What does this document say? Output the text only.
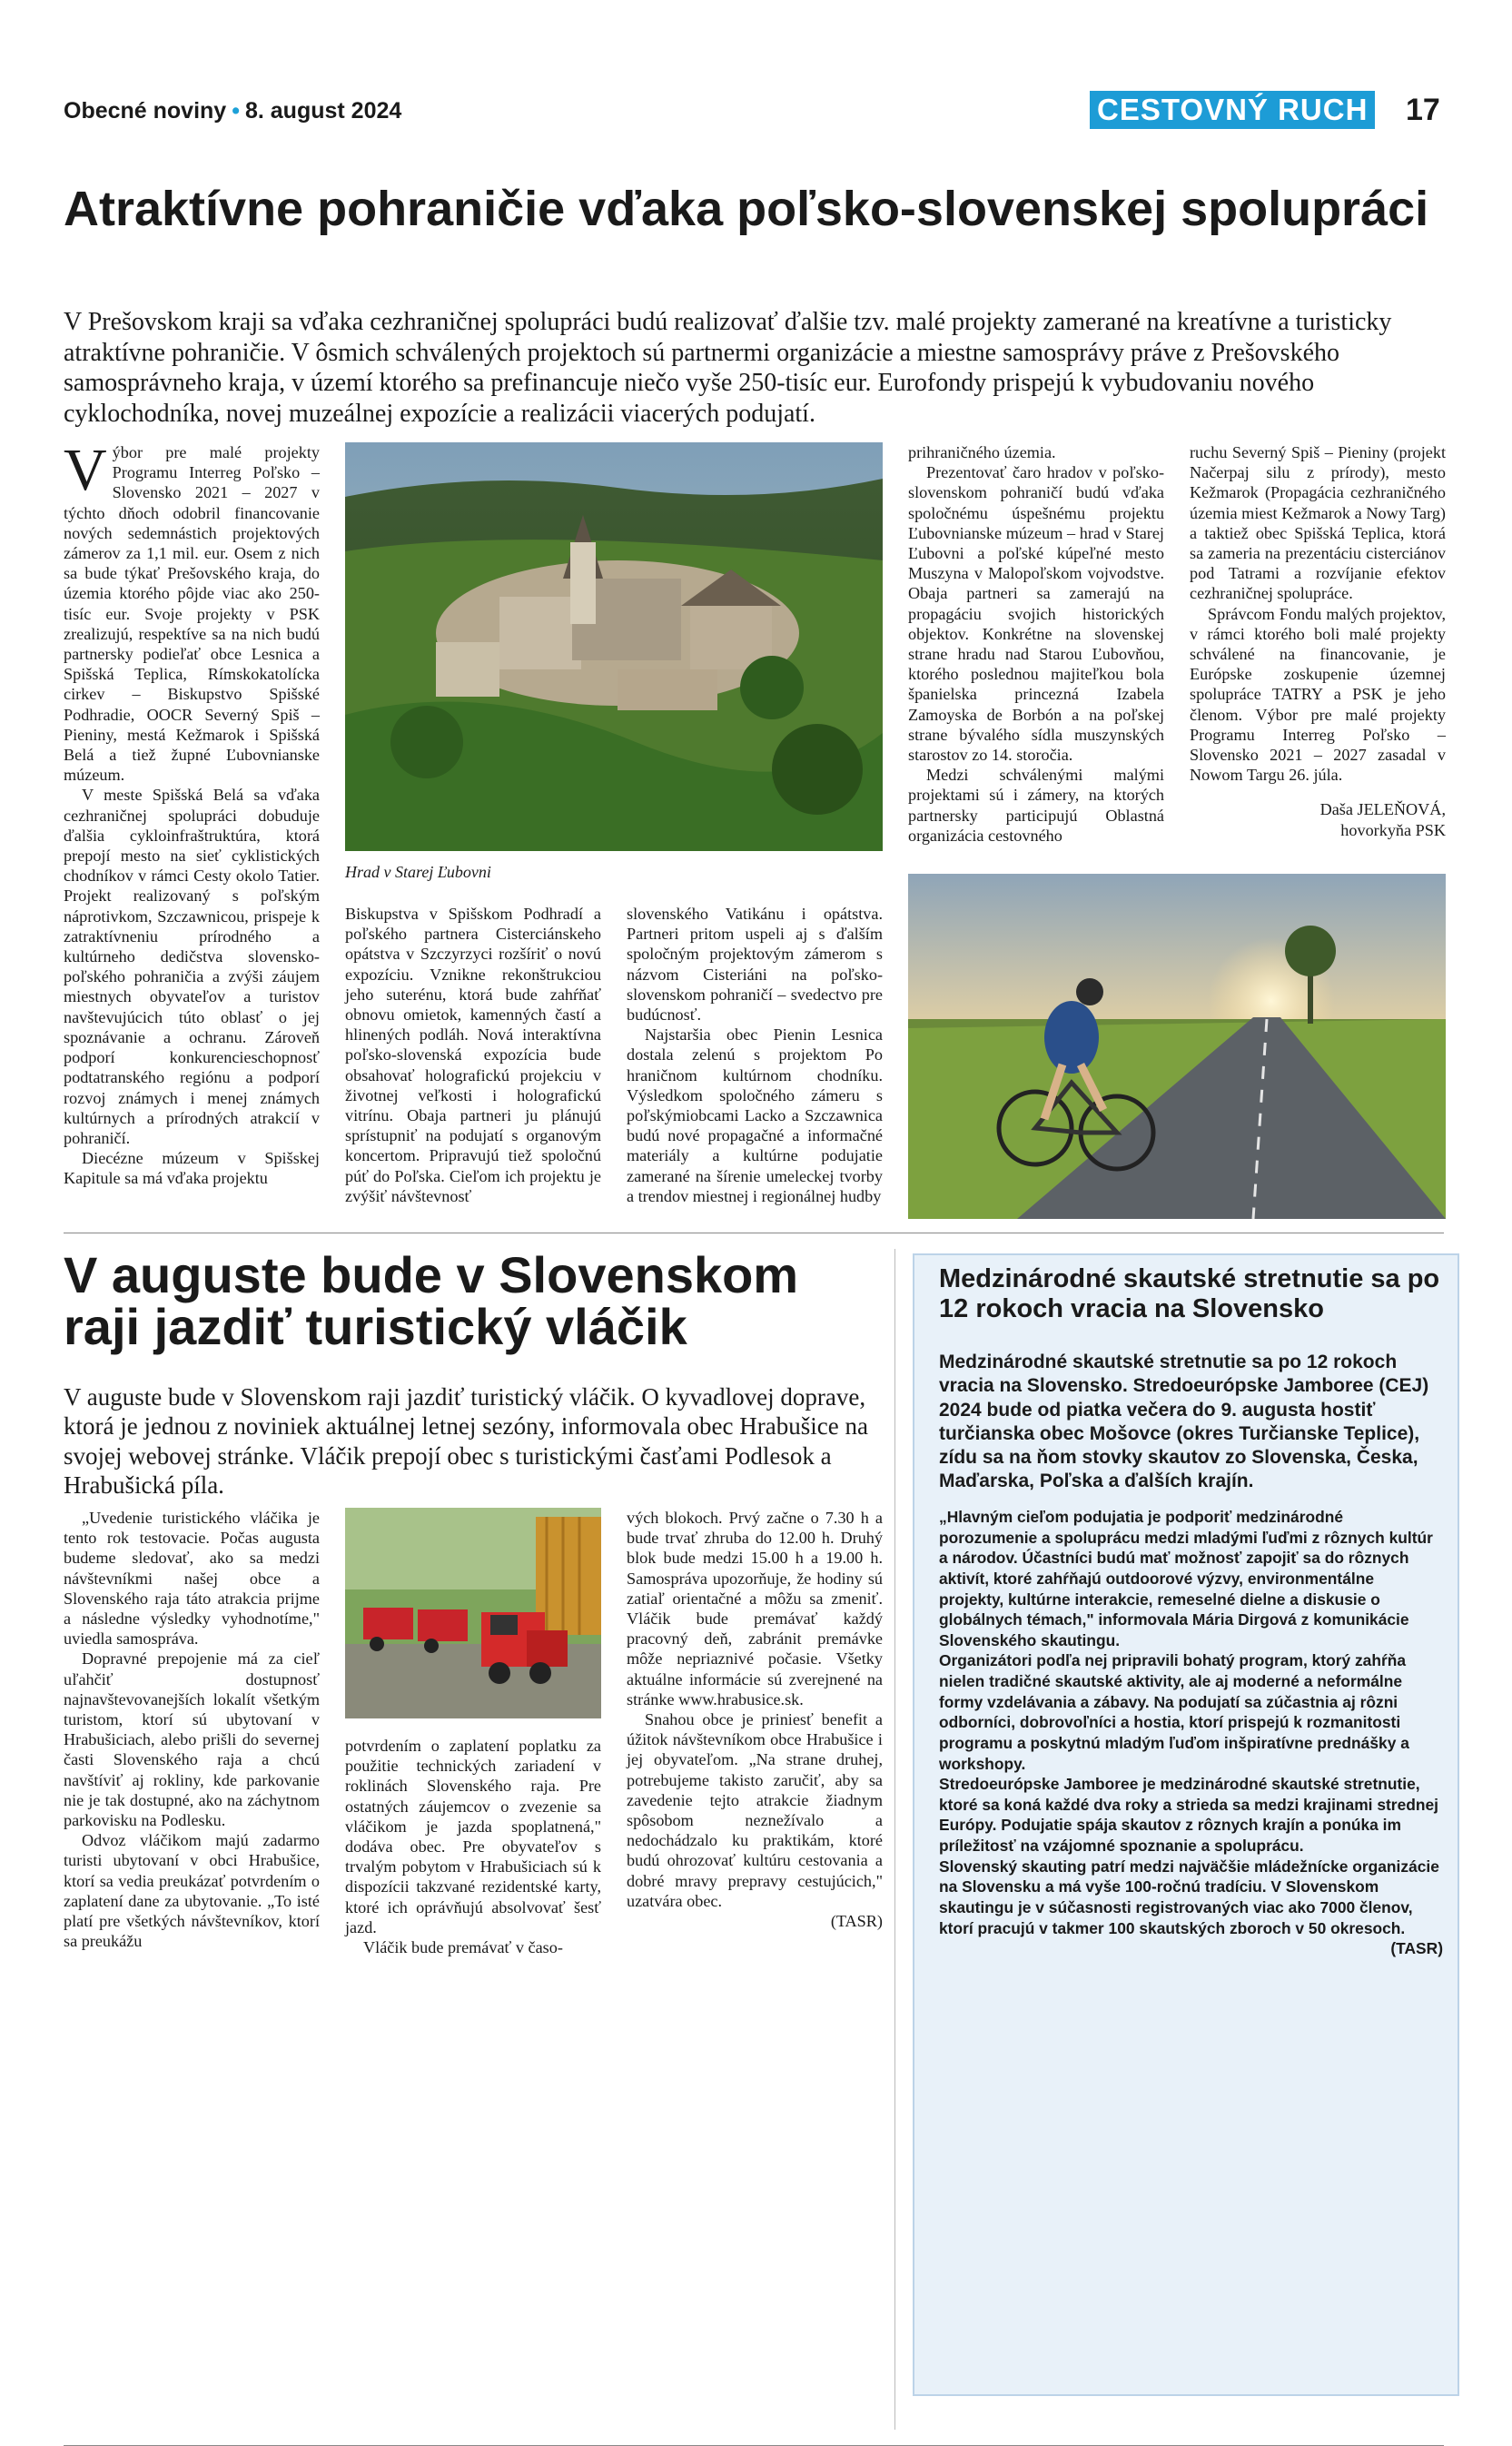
Obecné noviny • 8. august 2024	CESTOVNÝ RUCH 17
Atraktívne pohraničie vďaka poľsko-slovenskej spolupráci
V Prešovskom kraji sa vďaka cezhraničnej spolupráci budú realizovať ďalšie tzv. malé projekty zamerané na kreatívne a turisticky atraktívne pohraničie. V ôsmich schválených projektoch sú partnermi organizácie a miestne samosprávy práve z Prešovského samosprávneho kraja, v území ktorého sa prefinancuje niečo vyše 250-tisíc eur. Eurofondy prispejú k vybudovaniu nového cyklochodníka, novej muzeálnej expozície a realizácii viacerých podujatí.

Výbor pre malé projekty Programu Interreg Poľsko – Slovensko 2021 – 2027 v týchto dňoch odobril financovanie nových sedemnástich projektových zámerov za 1,1 mil. eur. Osem z nich sa bude týkať Prešovského kraja, do územia ktorého pôjde viac ako 250-tisíc eur. Svoje projekty v PSK zrealizujú, respektíve sa na nich budú partnersky podieľať obce Lesnica a Spišská Teplica, Rímskokatolícka cirkev – Biskupstvo Spišské Podhradie, OOCR Severný Spiš – Pieniny, mestá Kežmarok i Spišská Belá a tiež župné Ľubovnianske múzeum.

V meste Spišská Belá sa vďaka cezhraničnej spolupráci dobuduje ďalšia cykloinfraštruktúra, ktorá prepojí mesto na sieť cyklistických chodníkov v rámci Cesty okolo Tatier. Projekt realizovaný s poľským náprotivkom, Szczawnicou, prispeje k zatraktívneniu prírodného a kultúrneho dedičstva slovensko-poľského pohraničia a zvýši záujem miestnych obyvateľov a turistov navštevujúcich túto oblasť o jej spoznávanie a ochranu. Zároveň podporí konkurencieschopnosť podtatranského regiónu a podporí rozvoj známych i menej známych kultúrnych a prírodných atrakcií v pohraničí.

Diecézne múzeum v Spišskej Kapitule sa má vďaka projektu

Hrad v Starej Ľubovni

Biskupstva v Spišskom Podhradí a poľského partnera Cisterciánskeho opátstva v Szczyrzyci rozšíriť o novú expozíciu. Vznikne rekonštrukciou jeho suterénu, ktorá bude zahŕňať obnovu omietok, kamenných častí a hlinených podláh. Nová interaktívna poľsko-slovenská expozícia bude obsahovať holografickú projekciu v životnej veľkosti i holografickú vitrínu. Obaja partneri ju plánujú sprístupniť na podujatí s organovým koncertom. Pripravujú tiež spoločnú púť do Poľska. Cieľom ich projektu je zvýšiť návštevnosť

slovenského Vatikánu i opátstva. Partneri pritom uspeli aj s ďalším spoločným projektovým zámerom s názvom Cisteriáni na poľsko-slovenskom pohraničí – svedectvo pre budúcnosť.

Najstaršia obec Pienin Lesnica dostala zelenú s projektom Po hraničnom kultúrnom chodníku. Výsledkom spoločného zámeru s poľskýmiobcami Lacko a Szczawnica budú nové propagačné a informačné materiály a kultúrne podujatie zamerané na šírenie umeleckej tvorby a trendov miestnej i regionálnej hudby

prihraničného územia.

Prezentovať čaro hradov v poľsko-slovenskom pohraničí budú vďaka spoločnému úspešnému projektu Ľubovnianske múzeum – hrad v Starej Ľubovni a poľské kúpeľné mesto Muszyna v Malopoľskom vojvodstve. Obaja partneri sa zamerajú na propagáciu svojich historických objektov. Konkrétne na slovenskej strane hradu nad Starou Ľubovňou, ktorého poslednou majiteľkou bola španielska princezná Izabela Zamoyska de Borbón a na poľskej strane bývalého sídla muszynských starostov zo 14. storočia.

Medzi schválenými malými projektami sú i zámery, na ktorých partnersky participujú Oblastná organizácia cestovného

ruchu Severný Spiš – Pieniny (projekt Načerpaj silu z prírody), mesto Kežmarok (Propagácia cezhraničného územia miest Kežmarok a Nowy Targ) a taktiež obec Spišská Teplica, ktorá sa zameria na prezentáciu cisterciánov pod Tatrami a rozvíjanie efektov cezhraničnej spolupráce.

Správcom Fondu malých projektov, v rámci ktorého boli malé projekty schválené na financovanie, je Európske zoskupenie územnej spolupráce TATRY a PSK je jeho členom. Výbor pre malé projekty Programu Interreg Poľsko – Slovensko 2021 – 2027 zasadal v Nowom Targu 26. júla.

Daša JELEŇOVÁ,

hovorkyňa PSK

V auguste bude v Slovenskom raji jazdiť turistický vláčik
V auguste bude v Slovenskom raji jazdiť turistický vláčik. O kyvadlovej doprave, ktorá je jednou z noviniek aktuálnej letnej sezóny, informovala obec Hrabušice na svojej webovej stránke. Vláčik prepojí obec s turistickými časťami Podlesok a Hrabušická píla.

„Uvedenie turistického vláčika je tento rok testovacie. Počas augusta budeme sledovať, ako sa medzi návštevníkmi našej obce a Slovenského raja táto atrakcia prijme a následne výsledky vyhodnotíme," uviedla samospráva.

Dopravné prepojenie má za cieľ uľahčiť dostupnosť najnavštevovanejších lokalít všetkým turistom, ktorí sú ubytovaní v Hrabušiciach, alebo prišli do severnej časti Slovenského raja a chcú navštíviť aj rokliny, kde parkovanie nie je tak dostupné, ako na záchytnom parkovisku na Podlesku.

Odvoz vláčikom majú zadarmo turisti ubytovaní v obci Hrabušice, ktorí sa vedia preukázať potvrdením o zaplatení dane za ubytovanie. „To isté platí pre všetkých návštevníkov, ktorí sa preukážu

potvrdením o zaplatení poplatku za použitie technických zariadení v roklinách Slovenského raja. Pre ostatných záujemcov o zvezenie sa vláčikom je jazda spoplatnená," dodáva obec. Pre obyvateľov s trvalým pobytom v Hrabušiciach sú k dispozícii takzvané rezidentské karty, ktoré ich oprávňujú absolvovať šesť jazd.

Vláčik bude premávať v časo-

vých blokoch. Prvý začne o 7.30 h a bude trvať zhruba do 12.00 h. Druhý blok bude medzi 15.00 h a 19.00 h. Samospráva upozorňuje, že hodiny sú zatiaľ orientačné a môžu sa zmeniť. Vláčik bude premávať každý pracovný deň, zabránit premávke môže nepriaznivé počasie. Všetky aktuálne informácie sú zverejnené na stránke www.hrabusice.sk.

Snahou obce je priniesť benefit a úžitok návštevníkom obce Hrabušice i jej obyvateľom. „Na strane druhej, potrebujeme takisto zaručiť, aby sa zavedenie tejto atrakcie žiadnym spôsobom neznežívalo a nedochádzalo ku praktikám, ktoré budú ohrozovať kultúru cestovania a dobré mravy prepravy cestujúcich," uzatvára obec.

(TASR)

Medzinárodné skautské stretnutie sa po 12 rokoch vracia na Slovensko
Medzinárodné skautské stretnutie sa po 12 rokoch vracia na Slovensko. Stredoeurópske Jamboree (CEJ) 2024 bude od piatka večera do 9. augusta hostiť turčianska obec Mošovce (okres Turčianske Teplice), zídu sa na ňom stovky skautov zo Slovenska, Česka, Maďarska, Poľska a ďalších krajín.

„Hlavným cieľom podujatia je podporiť medzinárodné porozumenie a spoluprácu medzi mladými ľuďmi z rôznych kultúr a národov. Účastníci budú mať možnosť zapojiť sa do rôznych aktivít, ktoré zahŕňajú outdoorové výzvy, environmentálne projekty, kultúrne interakcie, remeselné dielne a diskusie o globálnych témach," informovala Mária Dirgová z komunikácie Slovenského skautingu.

Organizátori podľa nej pripravili bohatý program, ktorý zahŕňa nielen tradičné skautské aktivity, ale aj moderné a neformálne formy vzdelávania a zábavy. Na podujatí sa zúčastnia aj rôzni odborníci, dobrovoľníci a hostia, ktorí prispejú k rozmanitosti programu a poskytnú mladým ľuďom inšpiratívne prednášky a workshopy.

Stredoeurópske Jamboree je medzinárodné skautské stretnutie, ktoré sa koná každé dva roky a strieda sa medzi krajinami strednej Európy. Podujatie spája skautov z rôznych krajín a ponúka im príležitosť na vzájomné spoznanie a spoluprácu.

Slovenský skauting patrí medzi najväčšie mládežnícke organizácie na Slovensku a má vyše 100-ročnú tradíciu. V Slovenskom skautingu je v súčasnosti registrovaných viac ako 7000 členov, ktorí pracujú v takmer 100 skautských zboroch v 50 okresoch.

(TASR)
